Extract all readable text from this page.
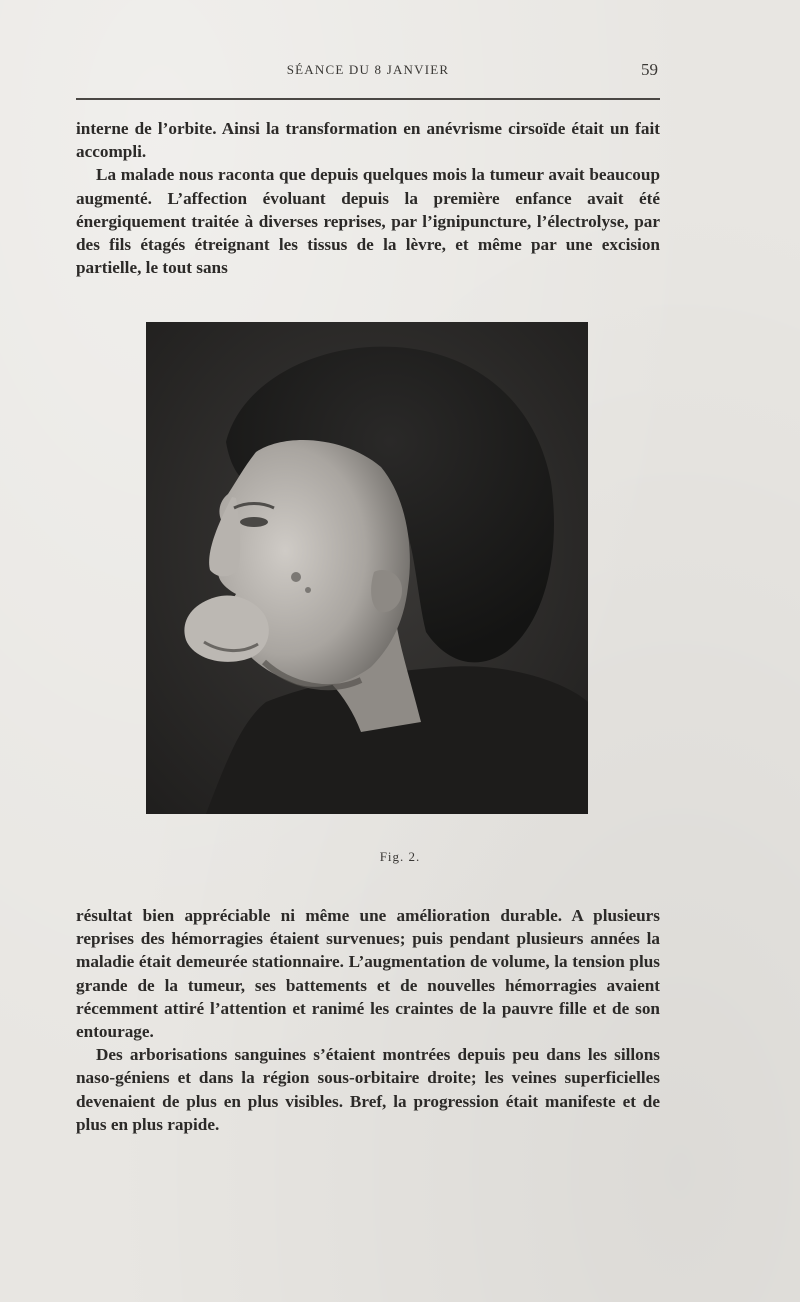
SÉANCE DU 8 JANVIER	59

interne de l’orbite. Ainsi la transformation en anévrisme cirsoïde était un fait accompli.

La malade nous raconta que depuis quelques mois la tumeur avait beaucoup augmenté. L’affection évoluant depuis la première enfance avait été énergiquement traitée à diverses reprises, par l’ignipuncture, l’électrolyse, par des fils étagés étreignant les tissus de la lèvre, et même par une excision partielle, le tout sans

Fig. 2.

résultat bien appréciable ni même une amélioration durable. A plusieurs reprises des hémorragies étaient survenues; puis pendant plusieurs années la maladie était demeurée stationnaire. L’augmentation de volume, la tension plus grande de la tumeur, ses battements et de nouvelles hémorragies avaient récemment attiré l’attention et ranimé les craintes de la pauvre fille et de son entourage.

Des arborisations sanguines s’étaient montrées depuis peu dans les sillons naso-géniens et dans la région sous-orbitaire droite; les veines superficielles devenaient de plus en plus visibles. Bref, la progression était manifeste et de plus en plus rapide.
